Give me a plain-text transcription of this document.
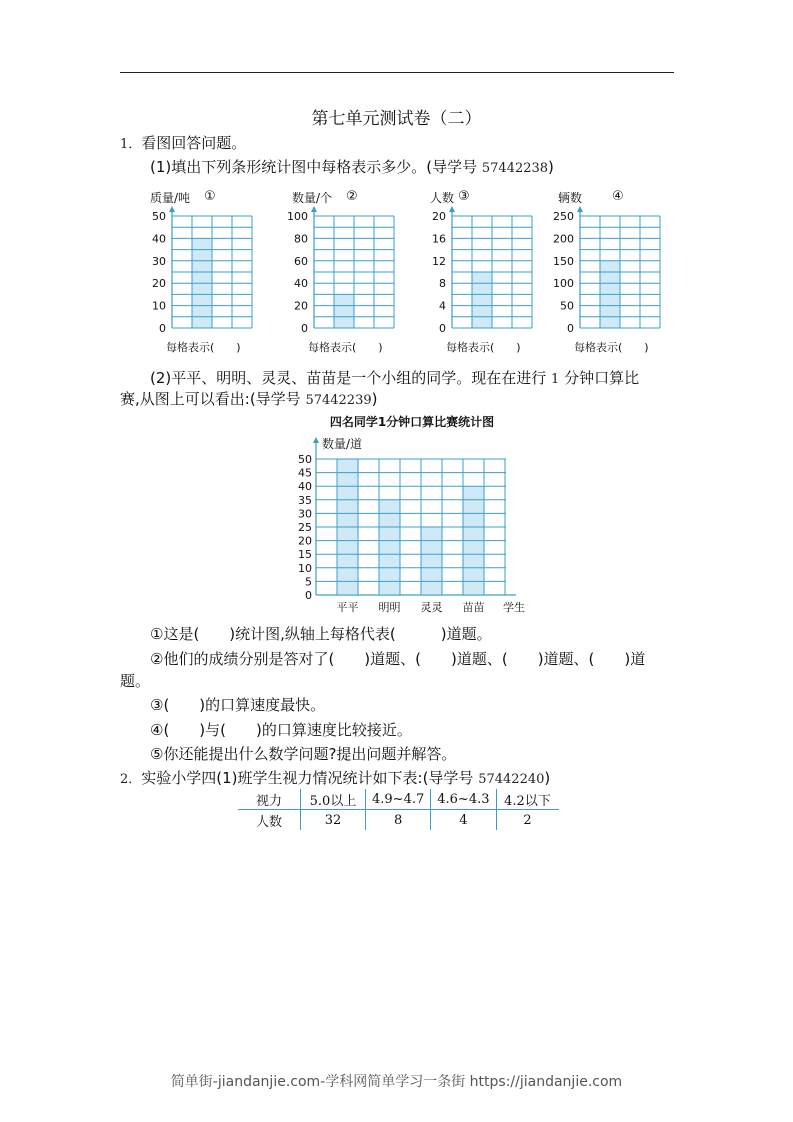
第七单元测试卷（二）
1．看图回答问题。
(1)填出下列条形统计图中每格表示多少。(导学号 57442238)
质量/吨 ①
0
10
20
30
40
50
每格表示(　　)
数量/个 ②
0
20
40
60
80
100
每格表示(　　)
人数 ③
0
4
8
12
16
20
每格表示(　　)
辆数 ④
0
50
100
150
200
250
每格表示(　　)
(2)平平、明明、灵灵、苗苗是一个小组的同学。现在在进行 1 分钟口算比
赛,从图上可以看出:(导学号 57442239)
四名同学1分钟口算比赛统计图
数量/道
0
5
10
15
20
25
30
35
40
45
50
平平 明明 灵灵 苗苗 学生
①这是(　　)统计图,纵轴上每格代表(　　　)道题。
②他们的成绩分别是答对了(　　)道题、(　　)道题、(　　)道题、(　　)道
题。
③(　　)的口算速度最快。
④(　　)与(　　)的口算速度比较接近。
⑤你还能提出什么数学问题?提出问题并解答。
2．实验小学四(1)班学生视力情况统计如下表:(导学号 57442240)
视力	5.0以上	4.9~4.7	4.6~4.3	4.2以下
人数	32	8	4	2
简单街-jiandanjie.com-学科网简单学习一条街 https://jiandanjie.com
